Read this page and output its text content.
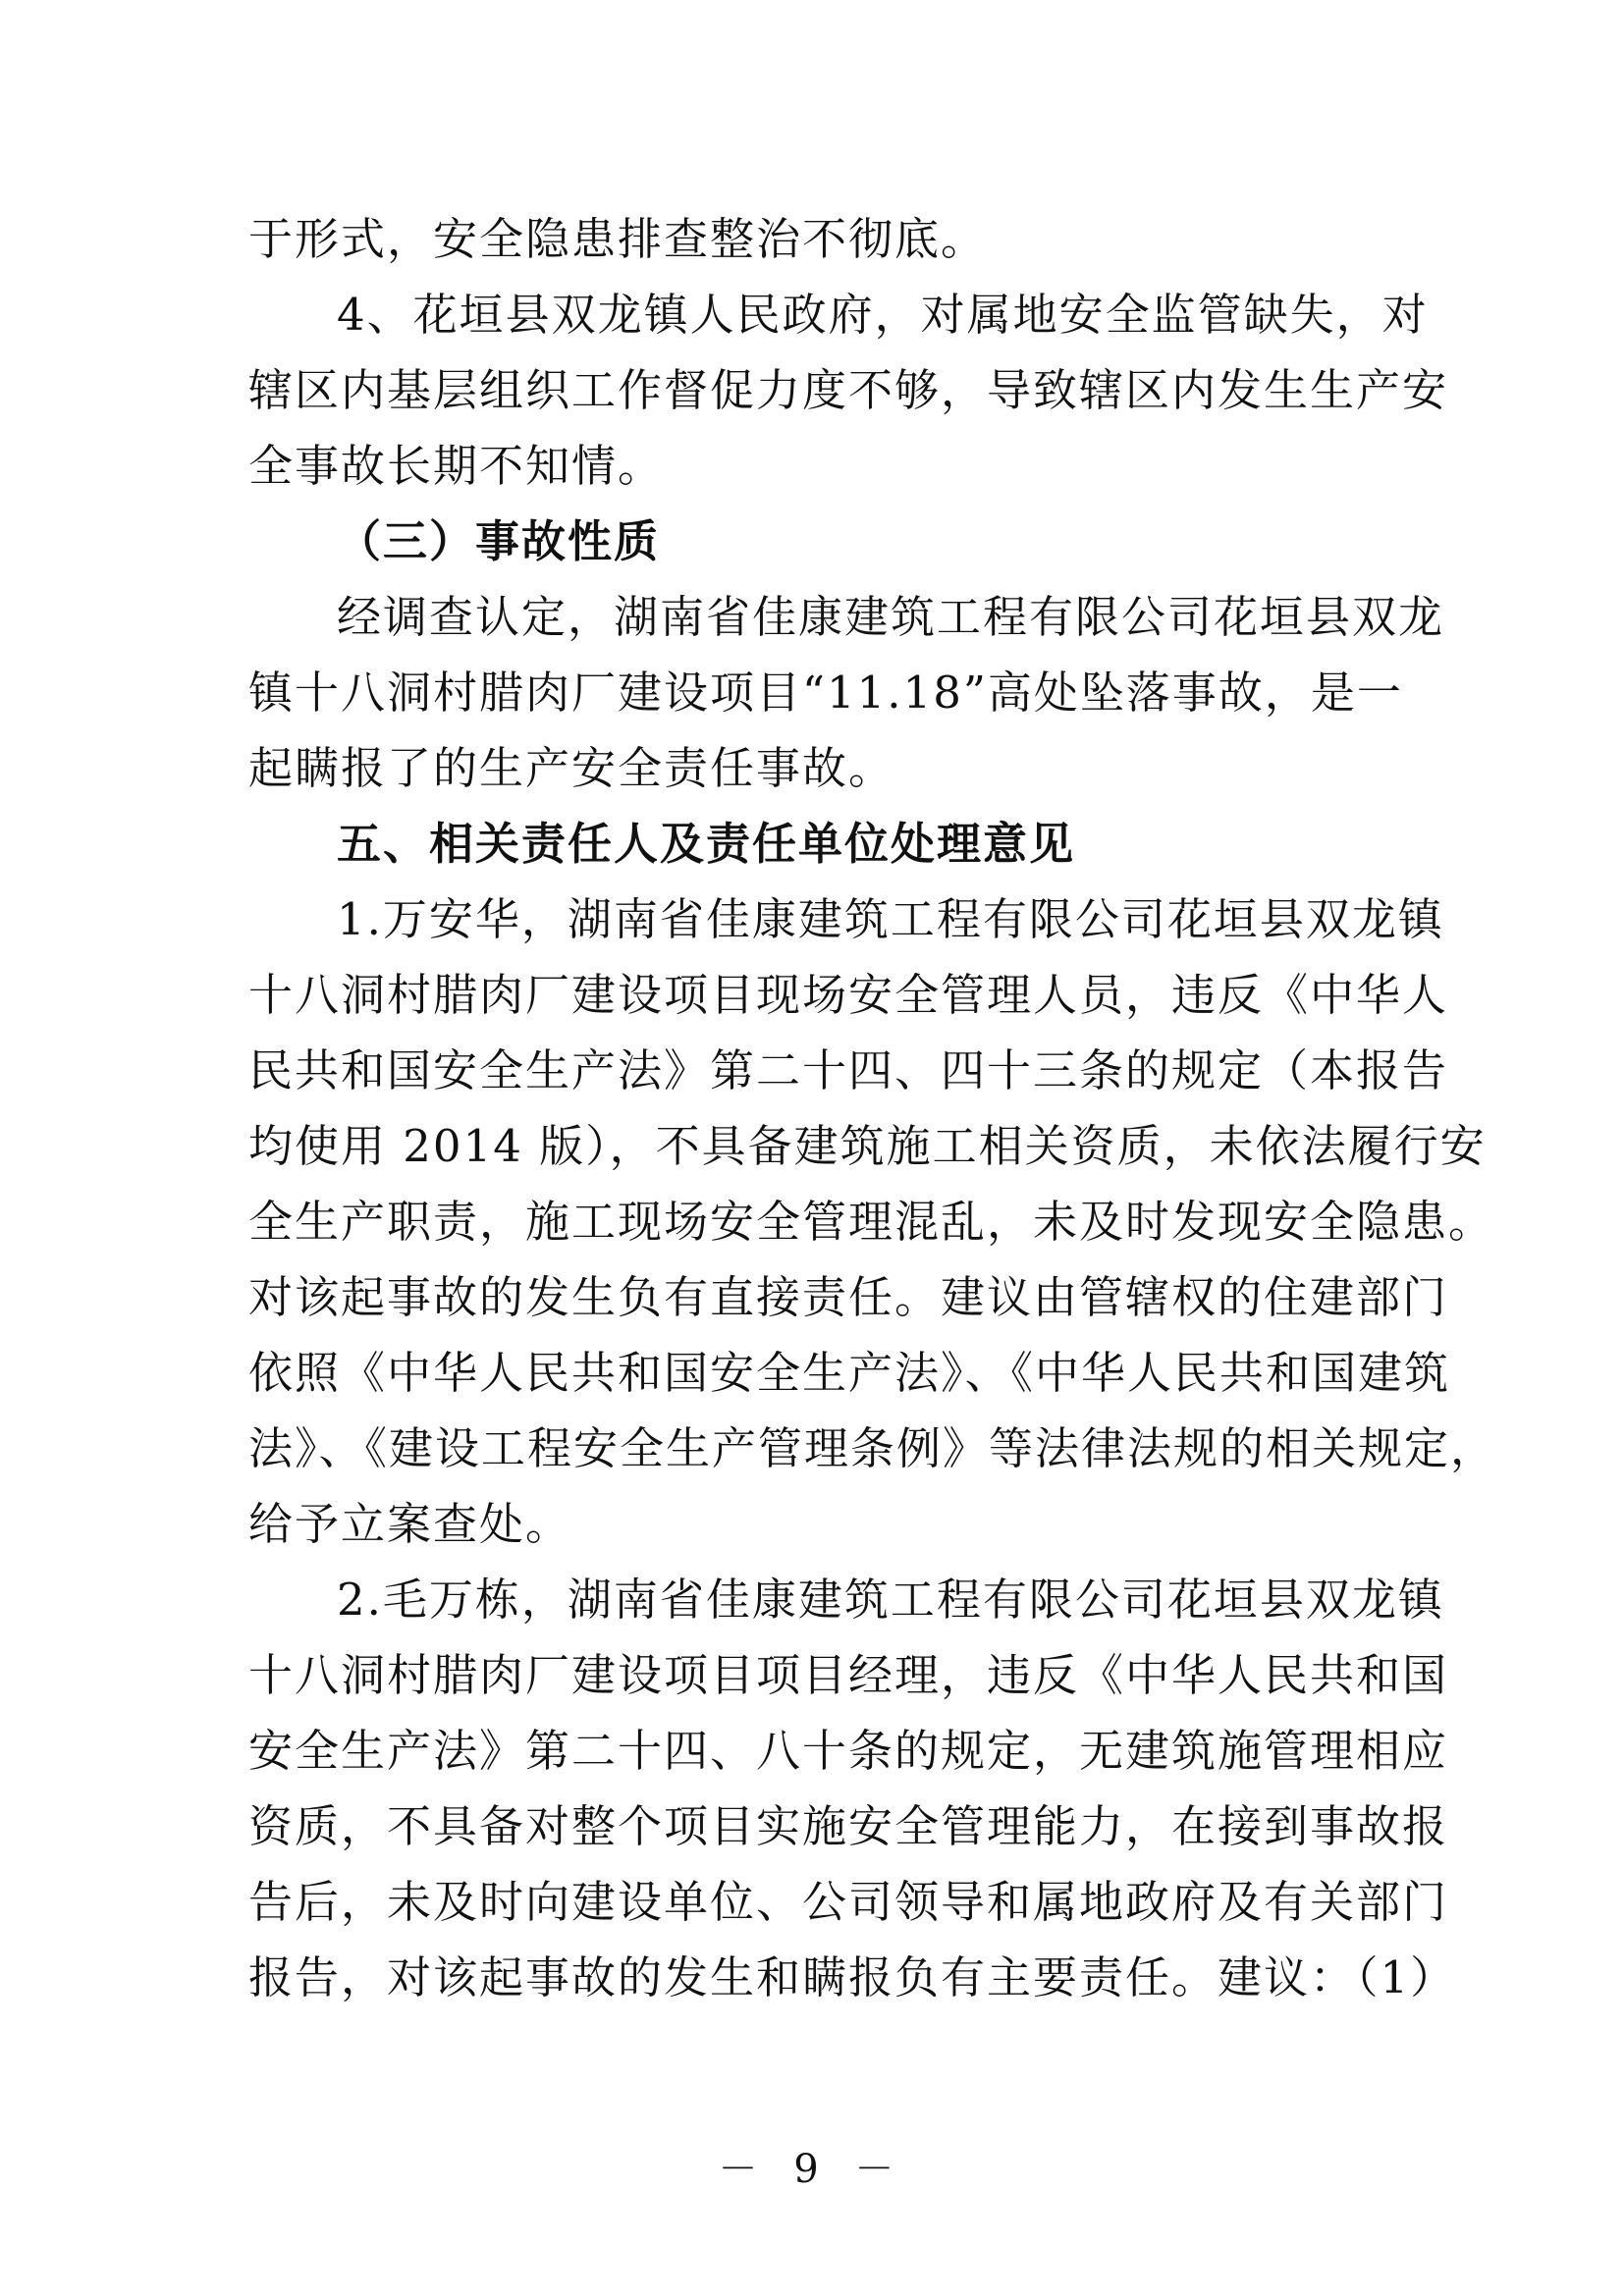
于形式，安全隐患排查整治不彻底。
4、花垣县双龙镇人民政府，对属地安全监管缺失，对
辖区内基层组织工作督促力度不够，导致辖区内发生生产安
全事故长期不知情。
（三）事故性质
经调查认定，湖南省佳康建筑工程有限公司花垣县双龙
镇十八洞村腊肉厂建设项目“11.18”高处坠落事故，是一
起瞒报了的生产安全责任事故。
五、相关责任人及责任单位处理意见
1.万安华，湖南省佳康建筑工程有限公司花垣县双龙镇
十八洞村腊肉厂建设项目现场安全管理人员，违反《中华人
民共和国安全生产法》第二十四、四十三条的规定（本报告
均使用 2014 版），不具备建筑施工相关资质，未依法履行安
全生产职责，施工现场安全管理混乱，未及时发现安全隐患。
对该起事故的发生负有直接责任。建议由管辖权的住建部门
依照《中华人民共和国安全生产法》、《中华人民共和国建筑
法》、《建设工程安全生产管理条例》等法律法规的相关规定，
给予立案查处。
2.毛万栋，湖南省佳康建筑工程有限公司花垣县双龙镇
十八洞村腊肉厂建设项目项目经理，违反《中华人民共和国
安全生产法》第二十四、八十条的规定，无建筑施管理相应
资质，不具备对整个项目实施安全管理能力，在接到事故报
告后，未及时向建设单位、公司领导和属地政府及有关部门
报告，对该起事故的发生和瞒报负有主要责任。建议：（1）
－ 9 －
